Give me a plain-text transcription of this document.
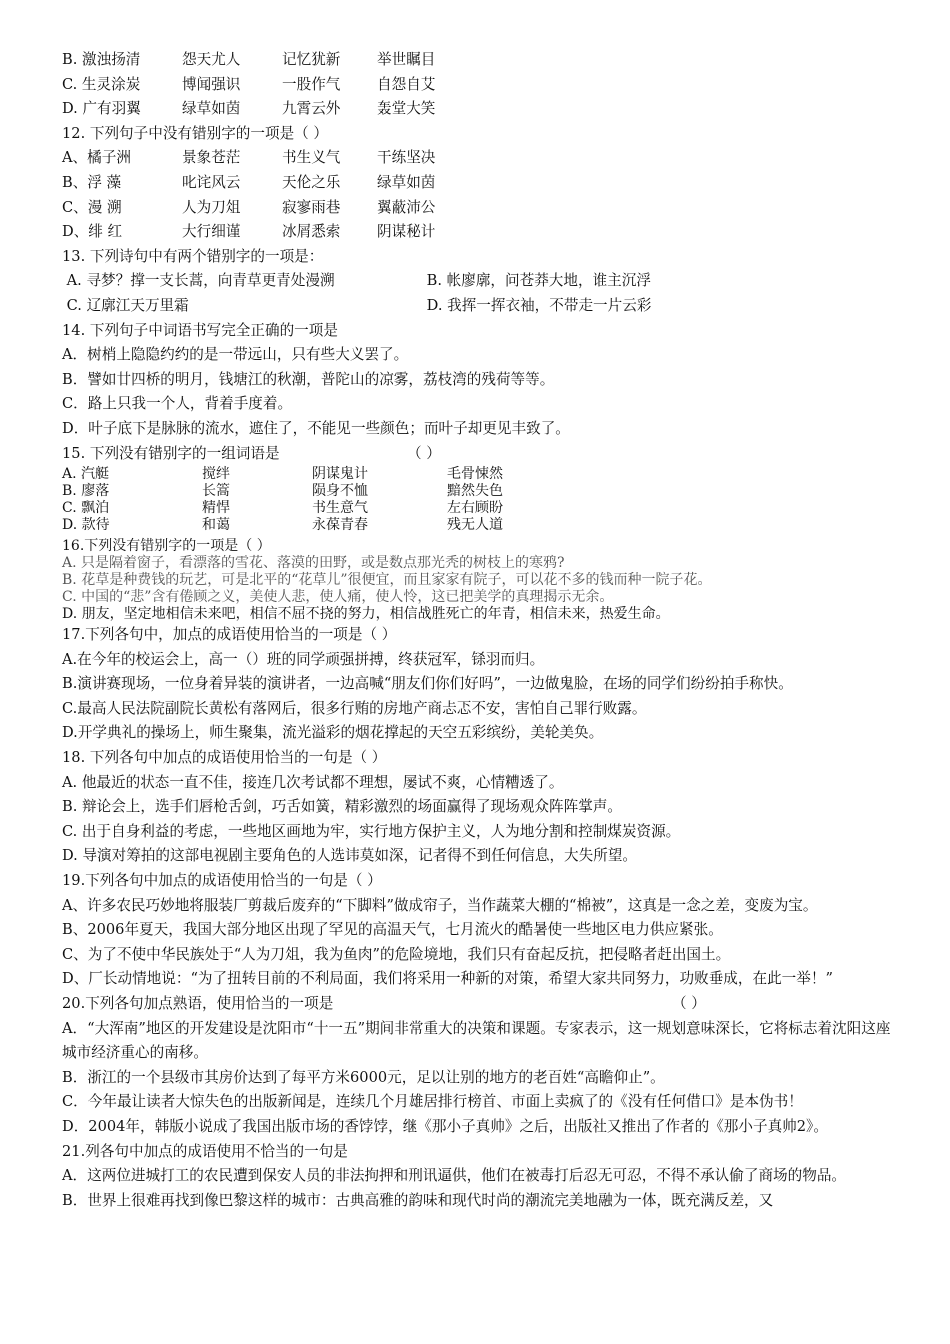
B. 激浊扬清	怨天尤人	记忆犹新	举世瞩目
C. 生灵涂炭	博闻强识	一股作气	自怨自艾
D. 广有羽翼	绿草如茵	九霄云外	轰堂大笑
12. 下列句子中没有错别字的一项是（ ）
A、橘子洲	景象苍茫	书生义气	干练坚决
B、浮 藻	叱诧风云	天伦之乐	绿草如茵
C、漫 溯	人为刀俎	寂寥雨巷	翼蔽沛公
D、绯 红	大行细谨	冰屑悉索	阴谋秘计
13. 下列诗句中有两个错别字的一项是：
A. 寻梦？撑一支长蒿，向青草更青处漫溯	B. 帐廖廓，问苍莽大地，谁主沉浮
C. 辽廓江天万里霜	D. 我挥一挥衣袖，不带走一片云彩
14. 下列句子中词语书写完全正确的一项是
A．树梢上隐隐约约的是一带远山，只有些大义罢了。
B．譬如廿四桥的明月，钱塘江的秋潮，普陀山的凉雾，荔枝湾的残荷等等。
C．路上只我一个人，背着手度着。
D．叶子底下是脉脉的流水，遮住了，不能见一些颜色；而叶子却更见丰致了。
15. 下列没有错别字的一组词语是	（ ）
A. 汽艇	搅绊	阴谋鬼计	毛骨悚然
B. 廖落	长篙	陨身不恤	黯然失色
C. 飘泊	精悍	书生意气	左右顾盼
D. 款待	和蔼	永葆青春	残无人道
16.下列没有错别字的一项是（ ）
A. 只是隔着窗子，看漂落的雪花、落漠的田野，或是数点那光秃的树枝上的寒鸦?
B. 花草是种费钱的玩艺，可是北平的“花草儿”很便宜，而且家家有院子，可以花不多的钱而种一院子花。
C. 中国的“悲”含有倦顾之义，美使人悲，使人痛，使人怜，这已把美学的真理揭示无余。
D. 朋友，坚定地相信未来吧，相信不屈不挠的努力，相信战胜死亡的年青，相信未来，热爱生命。
17.下列各句中，加点的成语使用恰当的一项是（ ）
A.在今年的校运会上，高一（）班的同学顽强拼搏，终获冠军，铩羽而归。
B.演讲赛现场，一位身着异装的演讲者，一边高喊“朋友们你们好吗”，一边做鬼脸，在场的同学们纷纷拍手称快。
C.最高人民法院副院长黄松有落网后，很多行贿的房地产商忐忑不安，害怕自己罪行败露。
D.开学典礼的操场上，师生聚集，流光溢彩的烟花撑起的天空五彩缤纷，美轮美奂。
18. 下列各句中加点的成语使用恰当的一句是（ ）
A. 他最近的状态一直不佳，接连几次考试都不理想，屡试不爽，心情糟透了。
B. 辩论会上，选手们唇枪舌剑，巧舌如簧，精彩激烈的场面赢得了现场观众阵阵掌声。
C. 出于自身利益的考虑，一些地区画地为牢，实行地方保护主义，人为地分割和控制煤炭资源。
D. 导演对筹拍的这部电视剧主要角色的人选讳莫如深，记者得不到任何信息，大失所望。
19.下列各句中加点的成语使用恰当的一句是（ ）
A、许多农民巧妙地将服装厂剪裁后废弃的“下脚料”做成帘子，当作蔬菜大棚的“棉被”，这真是一念之差，变废为宝。
B、2006年夏天，我国大部分地区出现了罕见的高温天气，七月流火的酷暑使一些地区电力供应紧张。
C、为了不使中华民族处于“人为刀俎，我为鱼肉”的危险境地，我们只有奋起反抗，把侵略者赶出国土。
D、厂长动情地说：“为了扭转目前的不利局面，我们将采用一种新的对策，希望大家共同努力，功败垂成，在此一举！”
20.下列各句加点熟语，使用恰当的一项是	（ ）
A．“大浑南”地区的开发建设是沈阳市“十一五”期间非常重大的决策和课题。专家表示，这一规划意味深长，它将标志着沈阳这座城市经济重心的南移。
B．浙江的一个县级市其房价达到了每平方米6000元，足以让别的地方的老百姓“高瞻仰止”。
C．今年最让读者大惊失色的出版新闻是，连续几个月雄居排行榜首、市面上卖疯了的《没有任何借口》是本伪书！
D．2004年，韩版小说成了我国出版市场的香饽饽，继《那小子真帅》之后，出版社又推出了作者的《那小子真帅2》。
21.列各句中加点的成语使用不恰当的一句是
A．这两位进城打工的农民遭到保安人员的非法拘押和刑讯逼供，他们在被毒打后忍无可忍，不得不承认偷了商场的物品。
B．世界上很难再找到像巴黎这样的城市：古典高雅的韵味和现代时尚的潮流完美地融为一体，既充满反差，又
